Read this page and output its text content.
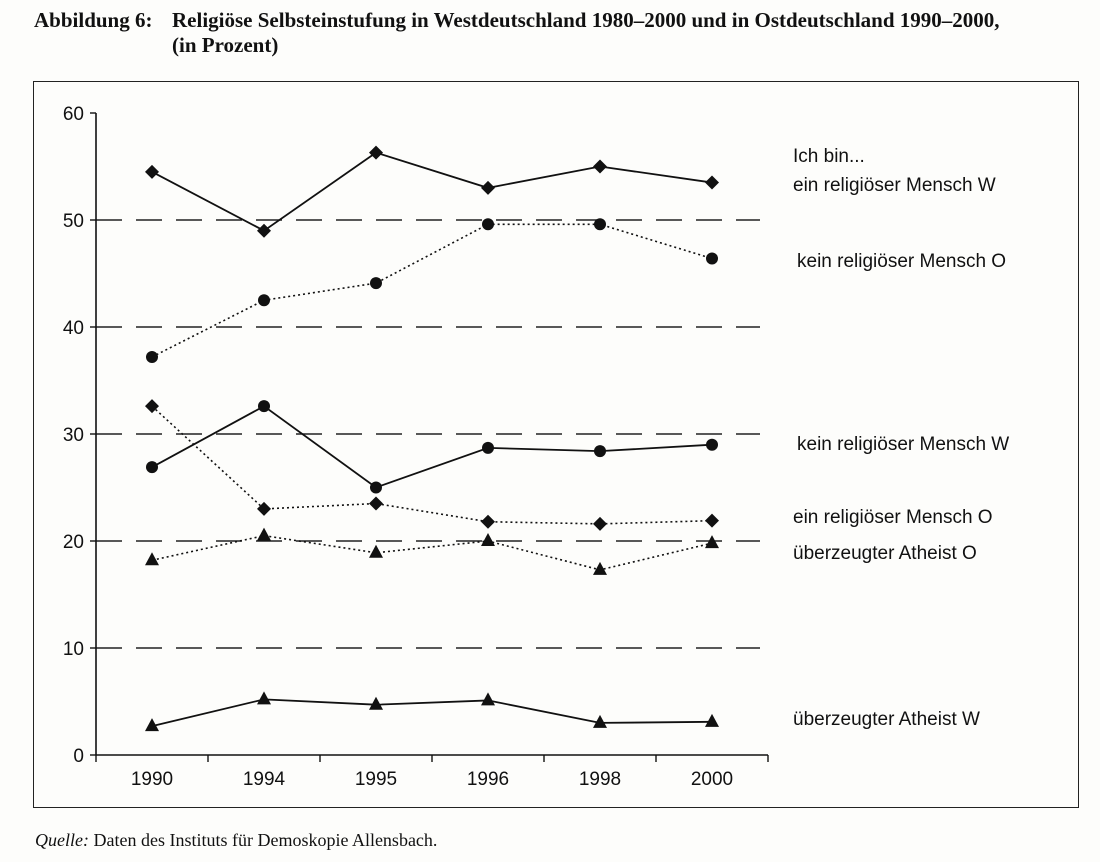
Abbildung 6: Religiöse Selbsteinstufung in Westdeutschland 1980–2000 und in Ostdeutschland 1990–2000, (in Prozent)
0
10
20
30
40
50
60
1990	1994	1995	1996	1998	2000
Ich bin...
ein religiöser Mensch W
kein religiöser Mensch O
kein religiöser Mensch W
ein religiöser Mensch O
überzeugter Atheist O
überzeugter Atheist W
Quelle: Daten des Instituts für Demoskopie Allensbach.
